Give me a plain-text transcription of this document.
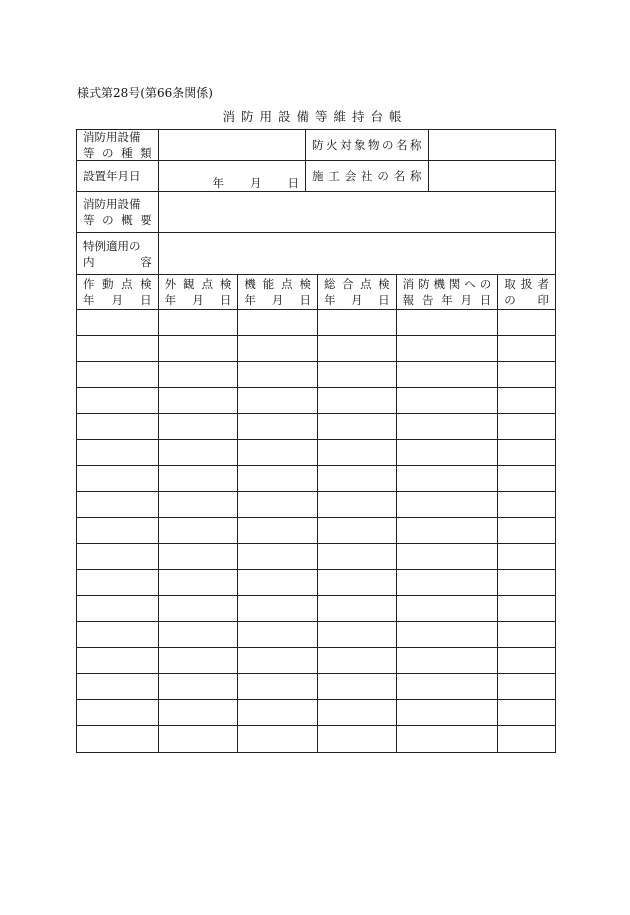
様式第28号(第66条関係)
消防用設備等維持台帳
消防用設備
等 の 種 類
防 火 対 象 物 の 名 称
設置年月日	年 月 日 施 工 会 社 の 名 称
消防用設備
等 の 概 要
特例適用の
内	容
作 動 点 検
年 月 日
外 観 点 検
年 月 日
機 能 点 検
年 月 日
総 合 点 検
年 月 日
消 防 機 関 へ の
報 告 年 月 日
取 扱 者
の 印
